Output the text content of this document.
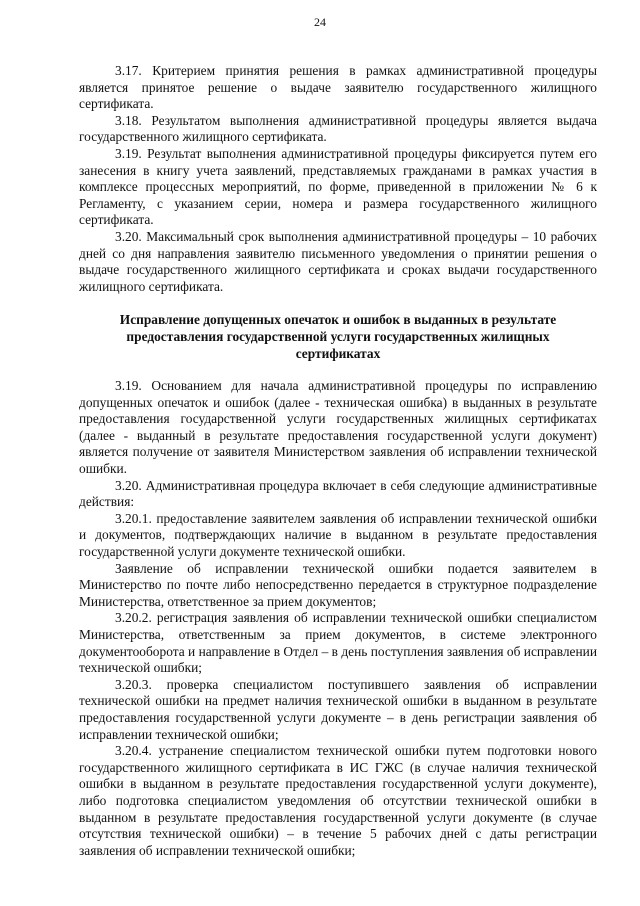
24

3.17. Критерием принятия решения в рамках административной процедуры является принятое решение о выдаче заявителю государственного жилищного сертификата.

3.18. Результатом выполнения административной процедуры является выдача государственного жилищного сертификата.

3.19. Результат выполнения административной процедуры фиксируется путем его занесения в книгу учета заявлений, представляемых гражданами в рамках участия в комплексе процессных мероприятий, по форме, приведенной в приложении № 6 к Регламенту, с указанием серии, номера и размера государственного жилищного сертификата.

3.20. Максимальный срок выполнения административной процедуры – 10 рабочих дней со дня направления заявителю письменного уведомления о принятии решения о выдаче государственного жилищного сертификата и сроках выдачи государственного жилищного сертификата.

Исправление допущенных опечаток и ошибок в выданных в результате предоставления государственной услуги государственных жилищных сертификатах

3.19. Основанием для начала административной процедуры по исправлению допущенных опечаток и ошибок (далее - техническая ошибка) в выданных в результате предоставления государственной услуги государственных жилищных сертификатах (далее - выданный в результате предоставления государственной услуги документ) является получение от заявителя Министерством заявления об исправлении технической ошибки.

3.20. Административная процедура включает в себя следующие административные действия:

3.20.1. предоставление заявителем заявления об исправлении технической ошибки и документов, подтверждающих наличие в выданном в результате предоставления государственной услуги документе технической ошибки.

Заявление об исправлении технической ошибки подается заявителем в Министерство по почте либо непосредственно передается в структурное подразделение Министерства, ответственное за прием документов;

3.20.2. регистрация заявления об исправлении технической ошибки специалистом Министерства, ответственным за прием документов, в системе электронного документооборота и направление в Отдел – в день поступления заявления об исправлении технической ошибки;

3.20.3. проверка специалистом поступившего заявления об исправлении технической ошибки на предмет наличия технической ошибки в выданном в результате предоставления государственной услуги документе – в день регистрации заявления об исправлении технической ошибки;

3.20.4. устранение специалистом технической ошибки путем подготовки нового государственного жилищного сертификата в ИС ГЖС (в случае наличия технической ошибки в выданном в результате предоставления государственной услуги документе), либо подготовка специалистом уведомления об отсутствии технической ошибки в выданном в результате предоставления государственной услуги документе (в случае отсутствия технической ошибки) – в течение 5 рабочих дней с даты регистрации заявления об исправлении технической ошибки;
